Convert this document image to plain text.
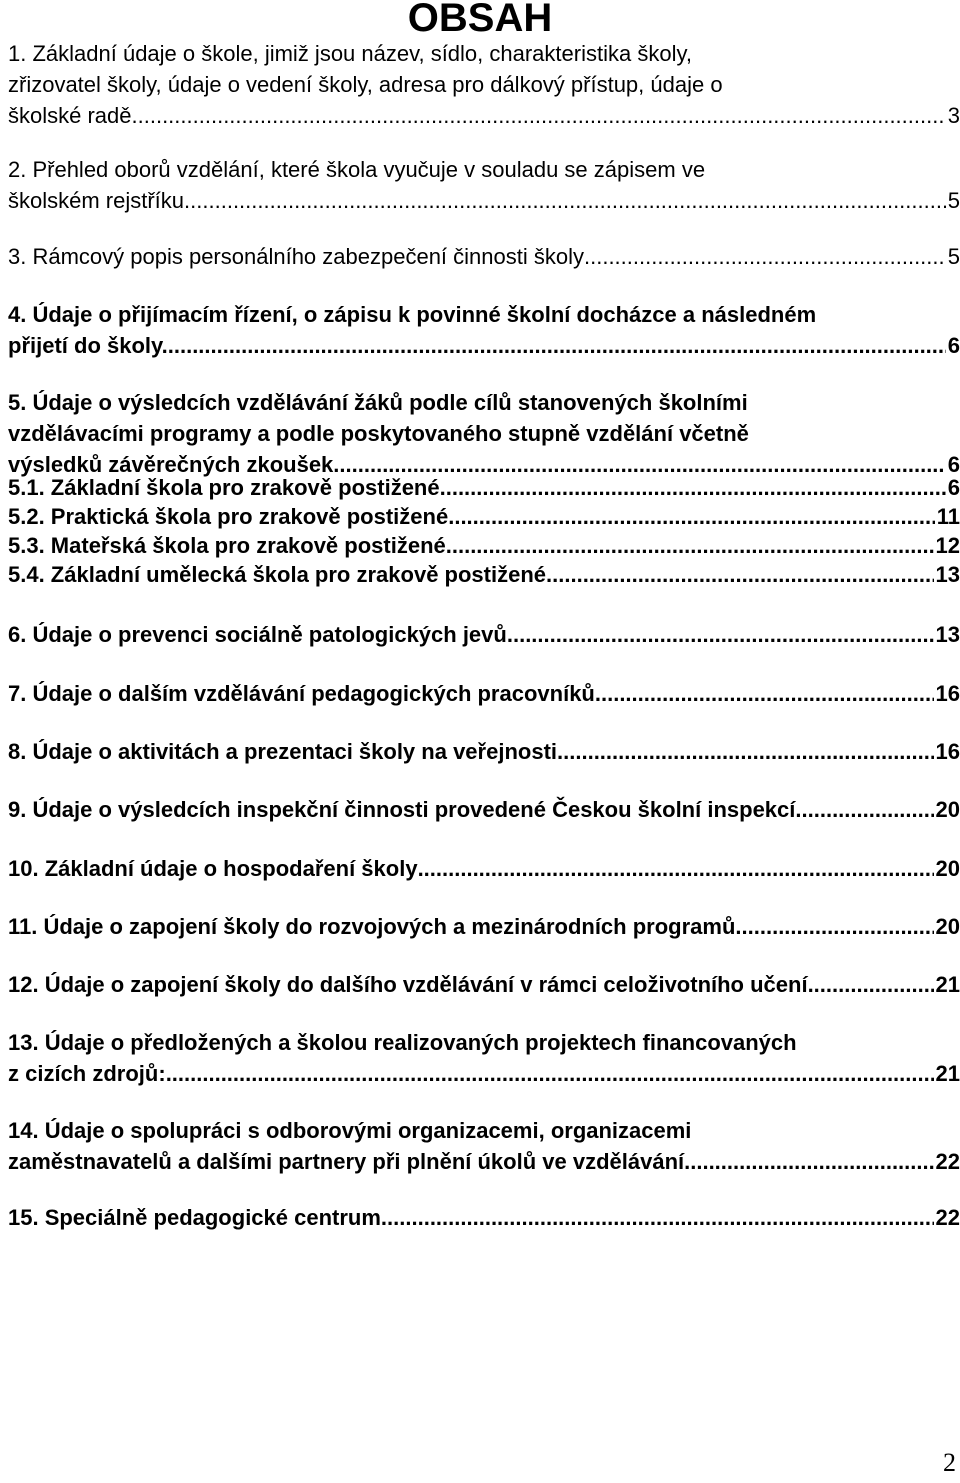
OBSAH
1. Základní údaje o škole, jimiž jsou název, sídlo, charakteristika školy,
zřizovatel školy, údaje o vedení školy, adresa pro dálkový přístup, údaje o
školské radě. .....	3
2. Přehled oborů vzdělání, které škola vyučuje v souladu se zápisem ve
školském rejstříku .....	5
3. Rámcový popis personálního zabezpečení činnosti školy .....	5
4. Údaje o přijímacím řízení, o zápisu k povinné školní docházce a následném
přijetí do školy. .....	6
5. Údaje o výsledcích vzdělávání žáků podle cílů stanovených školními
vzdělávacími programy a podle poskytovaného stupně vzdělání včetně
výsledků závěrečných zkoušek .....	6
5.1. Základní škola pro zrakově postižené .....	6
5.2. Praktická škola pro zrakově postižené .....	11
5.3. Mateřská škola pro zrakově postižené .....	12
5.4. Základní umělecká škola pro zrakově postižené .....	13
6. Údaje o prevenci sociálně patologických jevů .....	13
7. Údaje o dalším vzdělávání pedagogických pracovníků .....	16
8. Údaje o aktivitách a prezentaci školy na veřejnosti .....	16
9. Údaje o výsledcích inspekční činnosti provedené Českou školní inspekcí .....	20
10. Základní údaje o hospodaření školy .....	20
11. Údaje o zapojení školy do rozvojových a mezinárodních programů .....	20
12. Údaje o zapojení školy do dalšího vzdělávání v rámci celoživotního učení .....	21
13. Údaje o předložených a školou realizovaných projektech financovaných
z cizích zdrojů: .....	21
14. Údaje o spolupráci s odborovými organizacemi, organizacemi
zaměstnavatelů a dalšími partnery při plnění úkolů ve vzdělávání .....	22
15. Speciálně pedagogické centrum .....	22
2
